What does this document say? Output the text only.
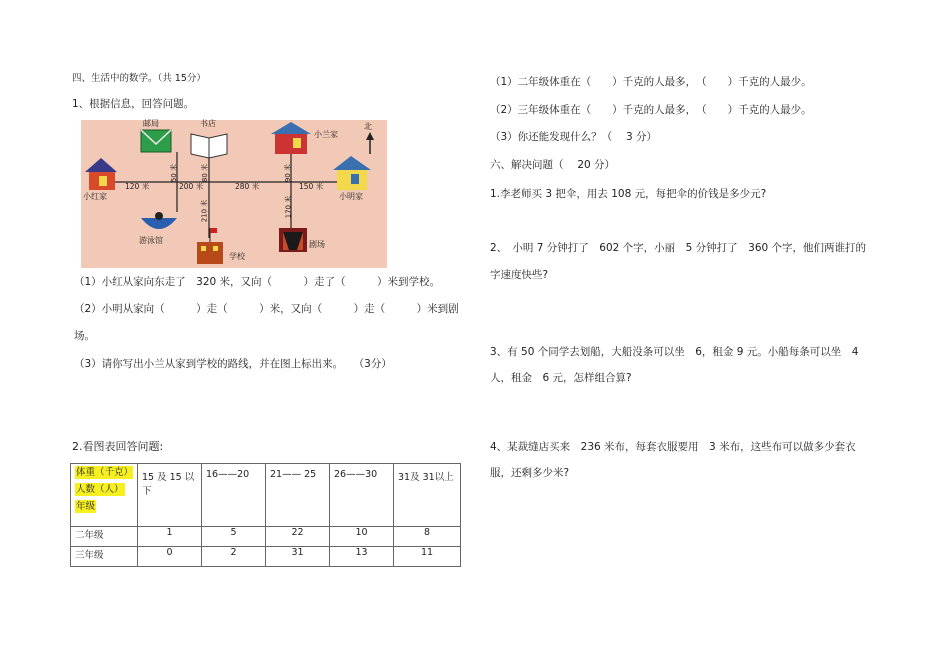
四、生活中的数学。（共 15分）
1、根据信息，回答问题。
邮局	书店
小兰家
北
小红家	小明家
游泳馆
学校
剧场
120 米	200 米	280 米	150 米
50 米	80 米	90 米
210 米	170 米
（1）小红从家向东走了　320 米，又向（　　　）走了（　　　）米到学校。
（2）小明从家向（　　　）走（　　　）米，又向（　　　）走（　　　）米到剧
场。
（3）请你写出小兰从家到学校的路线，并在图上标出来。　　（3分）
2.看图表回答问题:
体重（千克）
人数（人）
年级	15 及 15 以下	16——20	21—— 25	26——30	31及 31以上
二年级	1	5	22	10	8
三年级	0	2	31	13	11
（1）二年级体重在（　　）千克的人最多，　（　　）千克的人最少。
（2）三年级体重在（　　）千克的人最多，　（　　）千克的人最少。
（3）你还能发现什么？（　 3 分）
六、解决问题（　 20 分）
1.李老师买 3 把伞，用去 108 元，每把伞的价钱是多少元?
2、　小明 7 分钟打了　602 个字，小丽　5 分钟打了　360 个字，他们两谁打的
字速度快些?
3、有 50 个同学去划船，大船没条可以坐　6，租金 9 元。小船每条可以坐　4
人，租金　6 元，怎样组合算?
4、某裁缝店买来　236 米布，每套衣服要用　3 米布，这些布可以做多少套衣
服，还剩多少米?
